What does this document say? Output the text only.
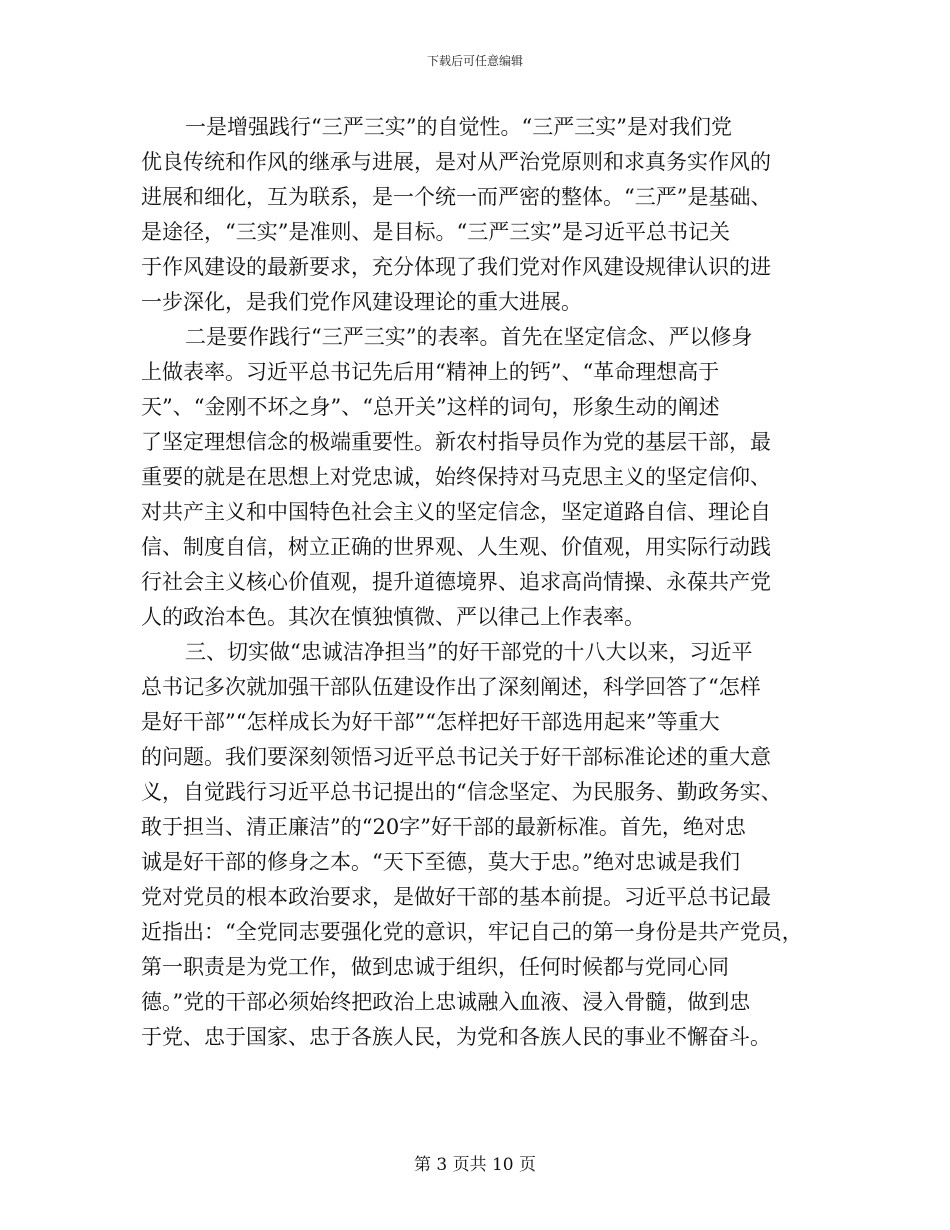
下载后可任意编辑
一是增强践行“三严三实”的自觉性。“三严三实”是对我们党
优良传统和作风的继承与进展，是对从严治党原则和求真务实作风的
进展和细化，互为联系，是一个统一而严密的整体。“三严”是基础、
是途径，“三实”是准则、是目标。“三严三实”是习近平总书记关
于作风建设的最新要求，充分体现了我们党对作风建设规律认识的进
一步深化，是我们党作风建设理论的重大进展。
二是要作践行“三严三实”的表率。首先在坚定信念、严以修身
上做表率。习近平总书记先后用“精神上的钙”、“革命理想高于
天”、“金刚不坏之身”、“总开关”这样的词句，形象生动的阐述
了坚定理想信念的极端重要性。新农村指导员作为党的基层干部，最
重要的就是在思想上对党忠诚，始终保持对马克思主义的坚定信仰、
对共产主义和中国特色社会主义的坚定信念，坚定道路自信、理论自
信、制度自信，树立正确的世界观、人生观、价值观，用实际行动践
行社会主义核心价值观，提升道德境界、追求高尚情操、永葆共产党
人的政治本色。其次在慎独慎微、严以律己上作表率。
三、切实做“忠诚洁净担当”的好干部党的十八大以来，习近平
总书记多次就加强干部队伍建设作出了深刻阐述，科学回答了“怎样
是好干部”“怎样成长为好干部”“怎样把好干部选用起来”等重大
的问题。我们要深刻领悟习近平总书记关于好干部标准论述的重大意
义，自觉践行习近平总书记提出的“信念坚定、为民服务、勤政务实、
敢于担当、清正廉洁”的“20字”好干部的最新标准。首先，绝对忠
诚是好干部的修身之本。“天下至德，莫大于忠。”绝对忠诚是我们
党对党员的根本政治要求，是做好干部的基本前提。习近平总书记最
近指出：“全党同志要强化党的意识，牢记自己的第一身份是共产党员，
第一职责是为党工作，做到忠诚于组织，任何时候都与党同心同
德。”党的干部必须始终把政治上忠诚融入血液、浸入骨髓，做到忠
于党、忠于国家、忠于各族人民，为党和各族人民的事业不懈奋斗。
第 3 页共 10 页
